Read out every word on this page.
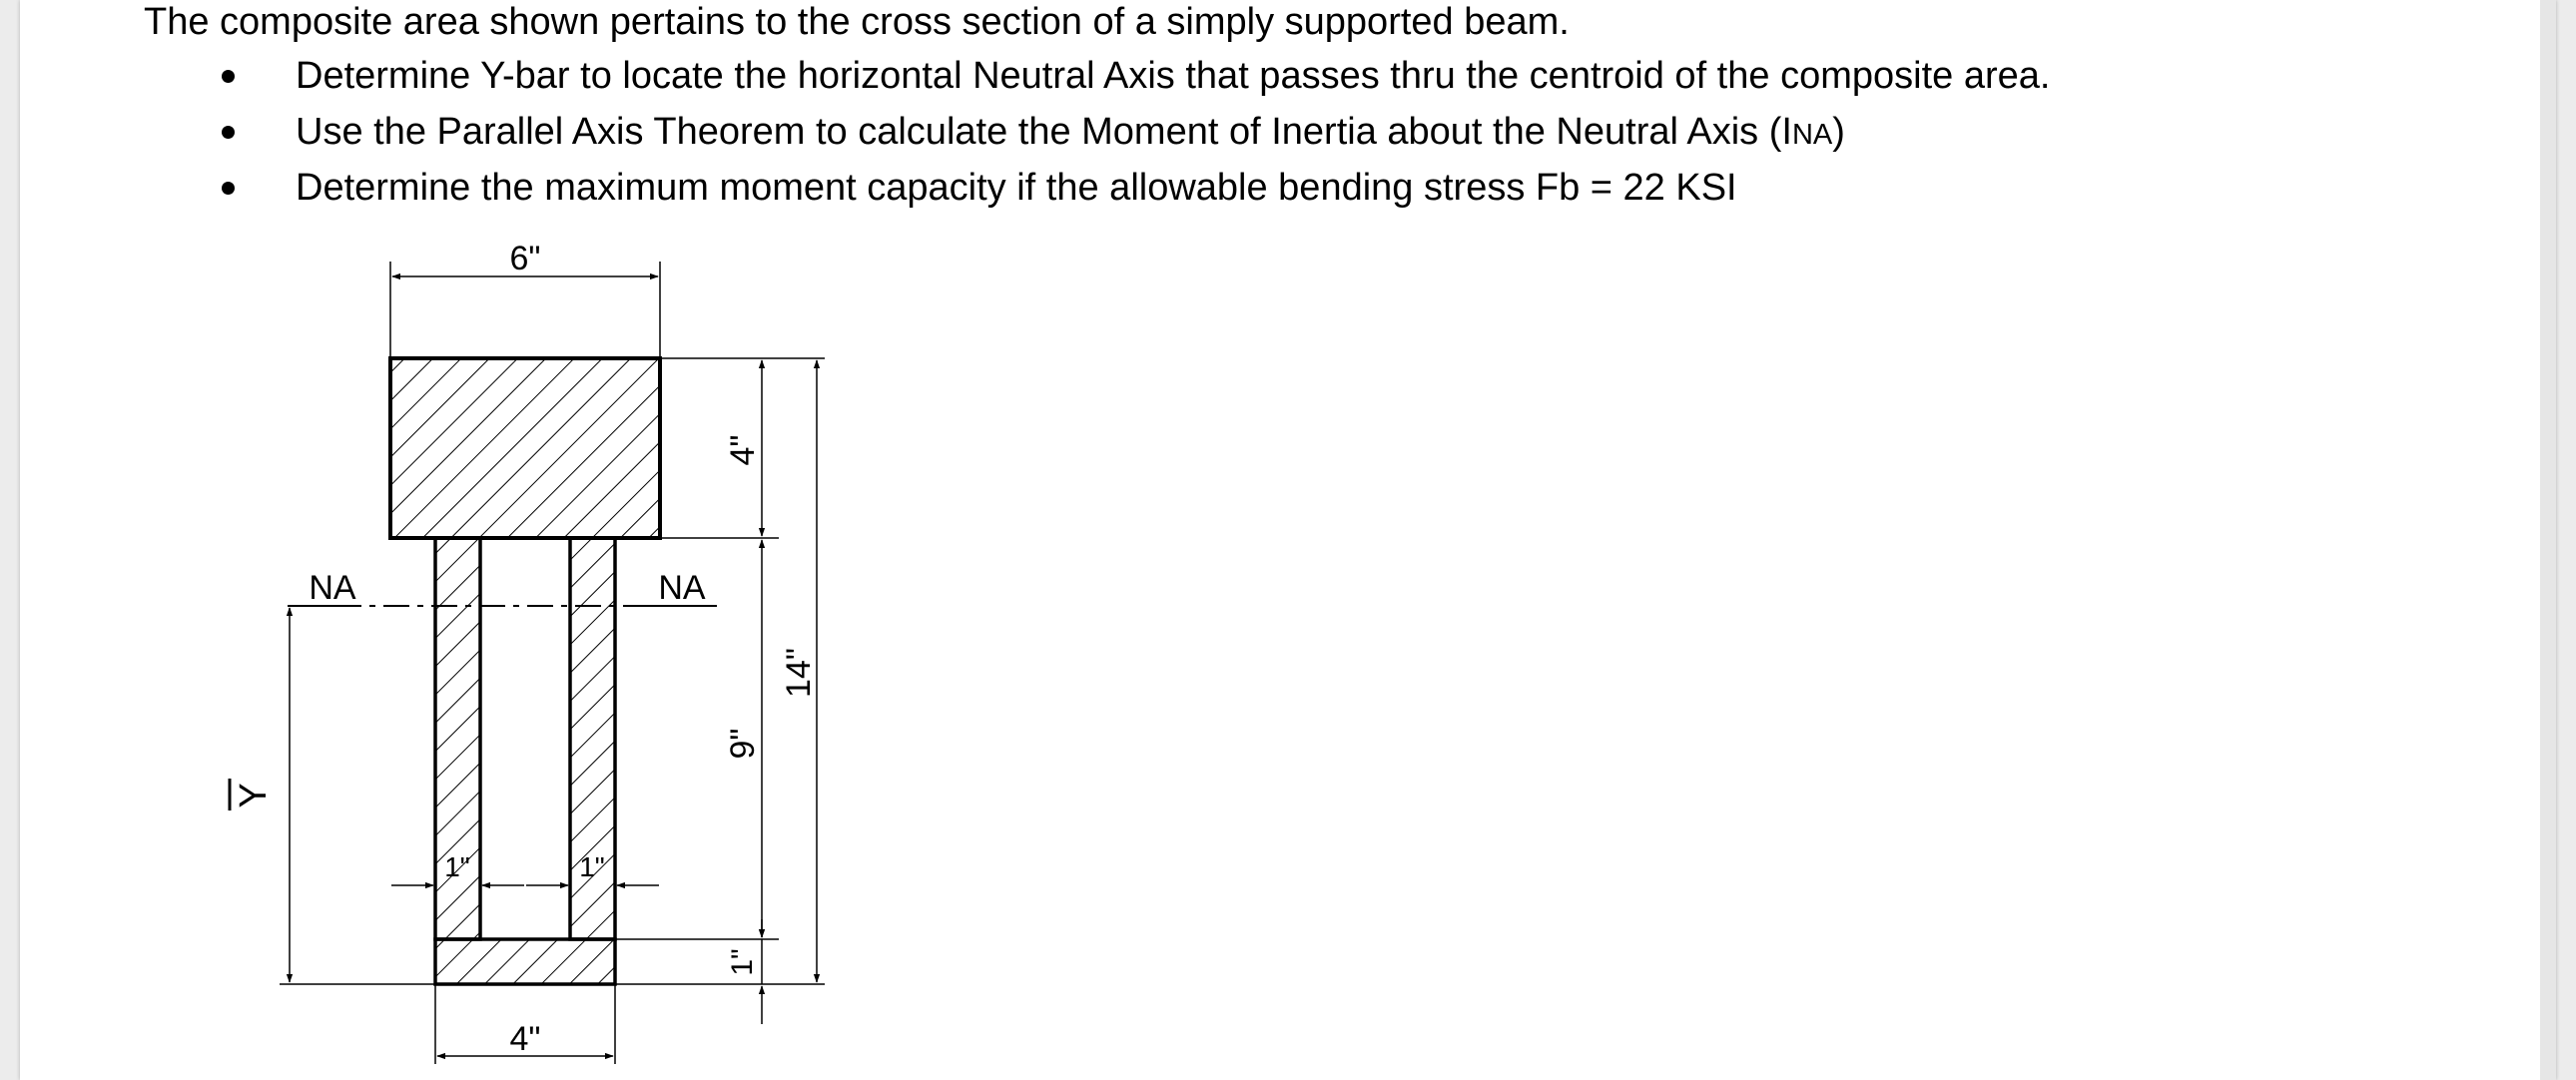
The composite area shown pertains to the cross section of a simply supported beam.

Determine Y-bar to locate the horizontal Neutral Axis that passes thru the centroid of the composite area.
Use the Parallel Axis Theorem to calculate the Moment of Inertia about the Neutral Axis (INA)
Determine the maximum moment capacity if the allowable bending stress Fb = 22 KSI
NA	NA
6"
4"
9"
1"
14"
Y
1"	1"
4"
